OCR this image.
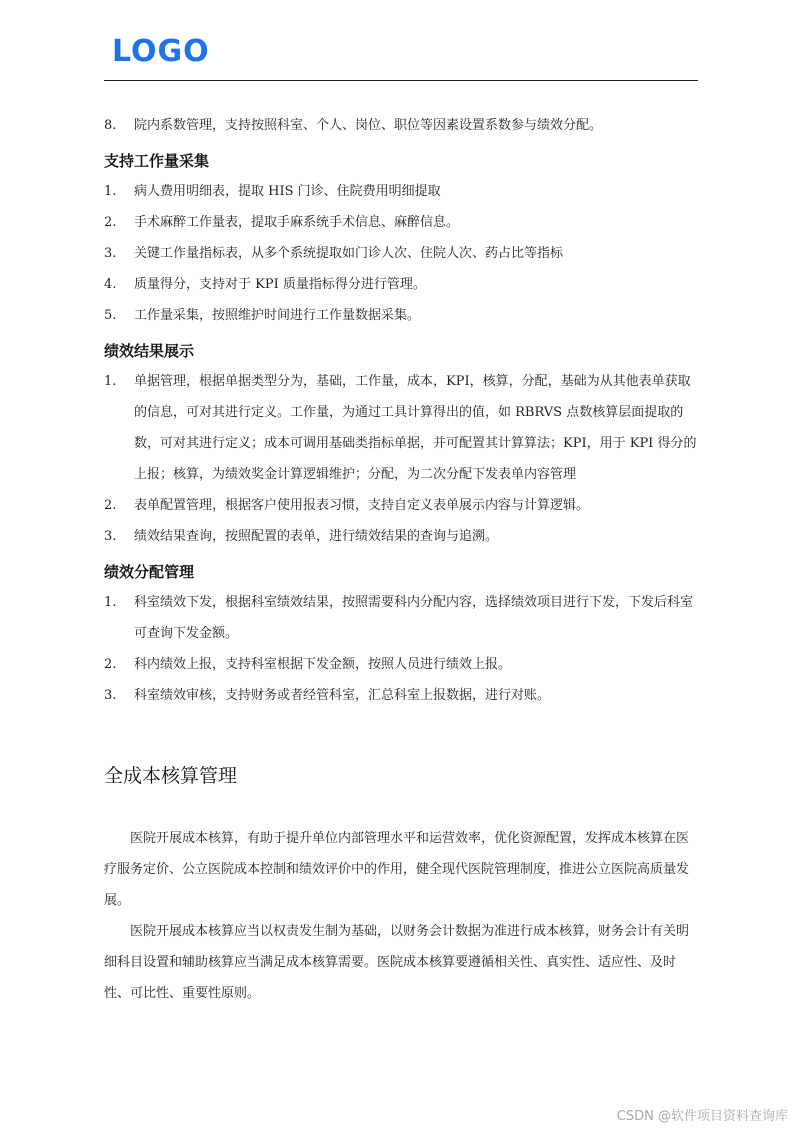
LOGO
8.	院内系数管理，支持按照科室、个人、岗位、职位等因素设置系数参与绩效分配。
支持工作量采集
1.	病人费用明细表，提取 HIS 门诊、住院费用明细提取
2.	手术麻醉工作量表，提取手麻系统手术信息、麻醉信息。
3.	关键工作量指标表，从多个系统提取如门诊人次、住院人次、药占比等指标
4.	质量得分，支持对于 KPI 质量指标得分进行管理。
5.	工作量采集，按照维护时间进行工作量数据采集。
绩效结果展示
1.	单据管理，根据单据类型分为，基础，工作量，成本，KPI，核算，分配，基础为从其他表单获取的信息，可对其进行定义。工作量，为通过工具计算得出的值，如 RBRVS 点数核算层面提取的数，可对其进行定义；成本可调用基础类指标单据，并可配置其计算算法；KPI，用于 KPI 得分的上报；核算，为绩效奖金计算逻辑维护；分配，为二次分配下发表单内容管理
2.	表单配置管理，根据客户使用报表习惯，支持自定义表单展示内容与计算逻辑。
3.	绩效结果查询，按照配置的表单，进行绩效结果的查询与追溯。
绩效分配管理
1.	科室绩效下发，根据科室绩效结果，按照需要科内分配内容，选择绩效项目进行下发，下发后科室可查询下发金额。
2.	科内绩效上报，支持科室根据下发金额，按照人员进行绩效上报。
3.	科室绩效审核，支持财务或者经管科室，汇总科室上报数据，进行对账。
全成本核算管理

医院开展成本核算，有助于提升单位内部管理水平和运营效率，优化资源配置，发挥成本核算在医疗服务定价、公立医院成本控制和绩效评价中的作用，健全现代医院管理制度，推进公立医院高质量发展。

医院开展成本核算应当以权责发生制为基础，以财务会计数据为准进行成本核算，财务会计有关明细科目设置和辅助核算应当满足成本核算需要。医院成本核算要遵循相关性、真实性、适应性、及时性、可比性、重要性原则。

CSDN @软件项目资料查询库
